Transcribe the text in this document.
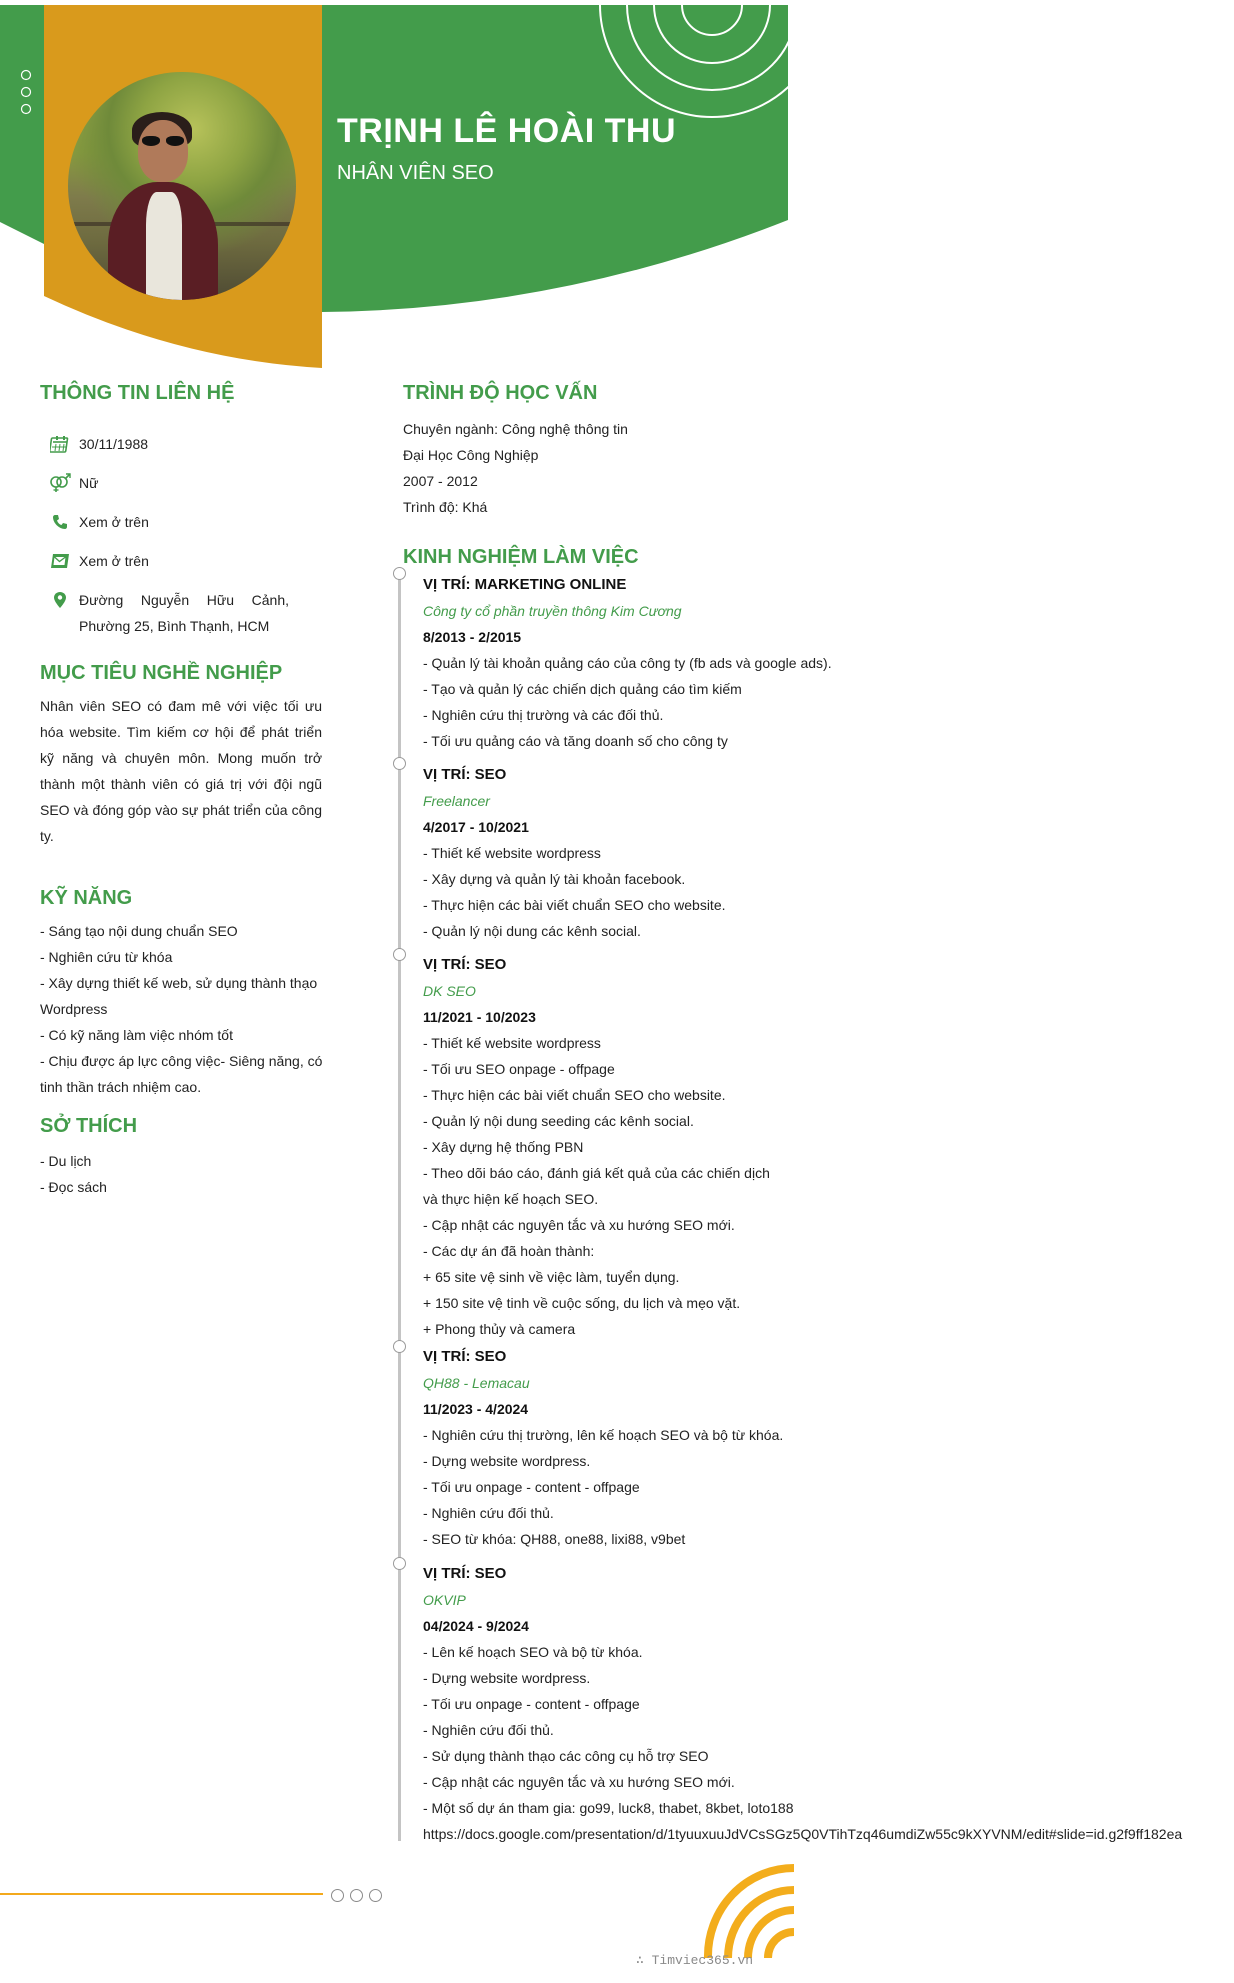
TRỊNH LÊ HOÀI THU
NHÂN VIÊN SEO
THÔNG TIN LIÊN HỆ
30/11/1988
Nữ
Xem ở trên
Xem ở trên
Đường Nguyễn Hữu Cảnh,
Phường 25, Bình Thạnh, HCM
MỤC TIÊU NGHỀ NGHIỆP
Nhân viên SEO có đam mê với việc tối ưu hóa website. Tìm kiếm cơ hội để phát triển kỹ năng và chuyên môn. Mong muốn trở thành một thành viên có giá trị với đội ngũ SEO và đóng góp vào sự phát triển của công ty.
KỸ NĂNG
- Sáng tạo nội dung chuẩn SEO
- Nghiên cứu từ khóa
- Xây dựng thiết kế web, sử dụng thành thạo
Wordpress
- Có kỹ năng làm việc nhóm tốt
- Chịu được áp lực công việc- Siêng năng, có
tinh thần trách nhiệm cao.
SỞ THÍCH
- Du lịch
- Đọc sách
TRÌNH ĐỘ HỌC VẤN
Chuyên ngành: Công nghệ thông tin
Đại Học Công Nghiệp
2007 - 2012
Trình độ: Khá
KINH NGHIỆM LÀM VIỆC
VỊ TRÍ: MARKETING ONLINE
Công ty cổ phần truyền thông Kim Cương
8/2013 - 2/2015
- Quản lý tài khoản quảng cáo của công ty (fb ads và google ads).
- Tạo và quản lý các chiến dịch quảng cáo tìm kiếm
- Nghiên cứu thị trường và các đối thủ.
- Tối ưu quảng cáo và tăng doanh số cho công ty
VỊ TRÍ: SEO
Freelancer
4/2017 - 10/2021
- Thiết kế website wordpress
- Xây dựng và quản lý tài khoản facebook.
- Thực hiện các bài viết chuẩn SEO cho website.
- Quản lý nội dung các kênh social.
VỊ TRÍ: SEO
DK SEO
11/2021 - 10/2023
- Thiết kế website wordpress
- Tối ưu SEO onpage - offpage
- Thực hiện các bài viết chuẩn SEO cho website.
- Quản lý nội dung seeding các kênh social.
- Xây dựng hệ thống PBN
- Theo dõi báo cáo, đánh giá kết quả của các chiến dịch
và thực hiện kế hoạch SEO.
- Cập nhật các nguyên tắc và xu hướng SEO mới.
- Các dự án đã hoàn thành:
+ 65 site vệ sinh về việc làm, tuyển dụng.
+ 150 site vệ tinh về cuộc sống, du lịch và mẹo vặt.
+ Phong thủy và camera
VỊ TRÍ: SEO
QH88 - Lemacau
11/2023 - 4/2024
- Nghiên cứu thị trường, lên kế hoạch SEO và bộ từ khóa.
- Dựng website wordpress.
- Tối ưu onpage - content - offpage
- Nghiên cứu đối thủ.
- SEO từ khóa: QH88, one88, lixi88, v9bet
VỊ TRÍ: SEO
OKVIP
04/2024 - 9/2024
- Lên kế hoạch SEO và bộ từ khóa.
- Dựng website wordpress.
- Tối ưu onpage - content - offpage
- Nghiên cứu đối thủ.
- Sử dụng thành thạo các công cụ hỗ trợ SEO
- Cập nhật các nguyên tắc và xu hướng SEO mới.
- Một số dự án tham gia: go99, luck8, thabet, 8kbet, loto188
https://docs.google.com/presentation/d/1tyuuxuuJdVCsSGz5Q0VTihTzq46umdiZw55c9kXYVNM/edit#slide=id.g2f9ff182ea
∴ Timviec365.vn
